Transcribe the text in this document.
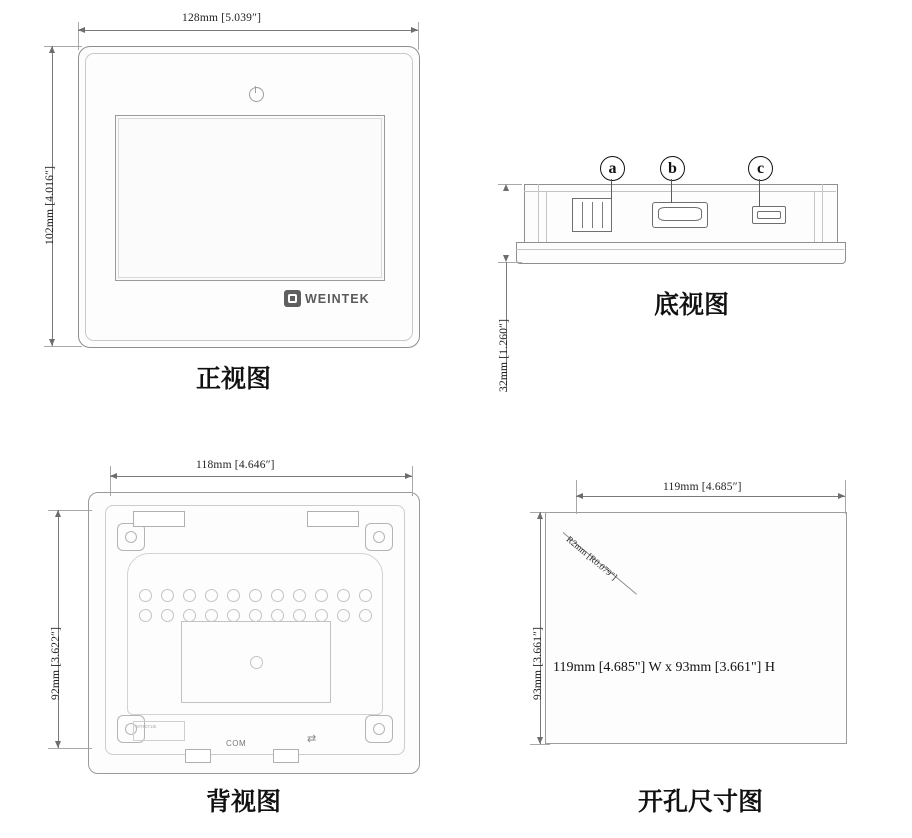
WEINTEK
128mm [5.039″]
102mm [4.016″]
正视图
a	b	c
32mm [1.260″]
底视图
COM	⇄
MT6071iE
118mm [4.646″]
92mm [3.622″]
背视图
R2mm [R0.079″]
119mm [4.685"] W x 93mm [3.661"] H
119mm [4.685″]
93mm [3.661″]
开孔尺寸图
